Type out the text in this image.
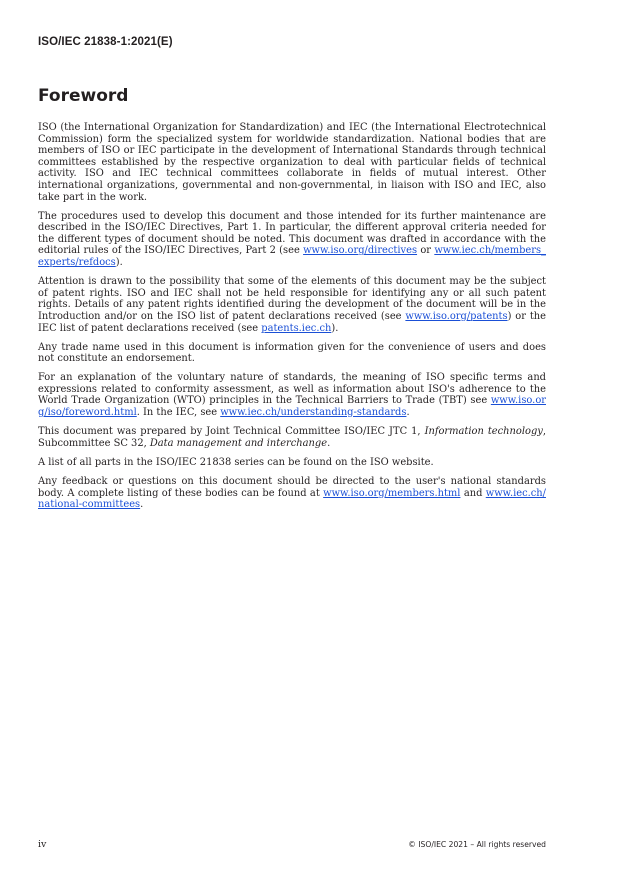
ISO/IEC 21838-1:2021(E)
Foreword

ISO (the International Organization for Standardization) and IEC (the International Electrotechnical Commission) form the specialized system for worldwide standardization. National bodies that are members of ISO or IEC participate in the development of International Standards through technical committees established by the respective organization to deal with particular fields of technical activity. ISO and IEC technical committees collaborate in fields of mutual interest. Other international organizations, governmental and non-governmental, in liaison with ISO and IEC, also take part in the work.

The procedures used to develop this document and those intended for its further maintenance are described in the ISO/IEC Directives, Part 1. In particular, the different approval criteria needed for the different types of document should be noted. This document was drafted in accordance with the editorial rules of the ISO/IEC Directives, Part 2 (see www.iso.org/directives or www.iec.ch/members_experts/refdocs).

Attention is drawn to the possibility that some of the elements of this document may be the subject of patent rights. ISO and IEC shall not be held responsible for identifying any or all such patent rights. Details of any patent rights identified during the development of the document will be in the Introduction and/or on the ISO list of patent declarations received (see www.iso.org/patents) or the IEC list of patent declarations received (see patents.iec.ch).

Any trade name used in this document is information given for the convenience of users and does not constitute an endorsement.

For an explanation of the voluntary nature of standards, the meaning of ISO specific terms and expressions related to conformity assessment, as well as information about ISO's adherence to the World Trade Organization (WTO) principles in the Technical Barriers to Trade (TBT) see www.iso.org/iso/foreword.html. In the IEC, see www.iec.ch/understanding-standards.

This document was prepared by Joint Technical Committee ISO/IEC JTC 1, Information technology, Subcommittee SC 32, Data management and interchange.

A list of all parts in the ISO/IEC 21838 series can be found on the ISO website.

Any feedback or questions on this document should be directed to the user's national standards body. A complete listing of these bodies can be found at www.iso.org/members.html and www.iec.ch/national-committees.

iv	© ISO/IEC 2021 – All rights reserved
